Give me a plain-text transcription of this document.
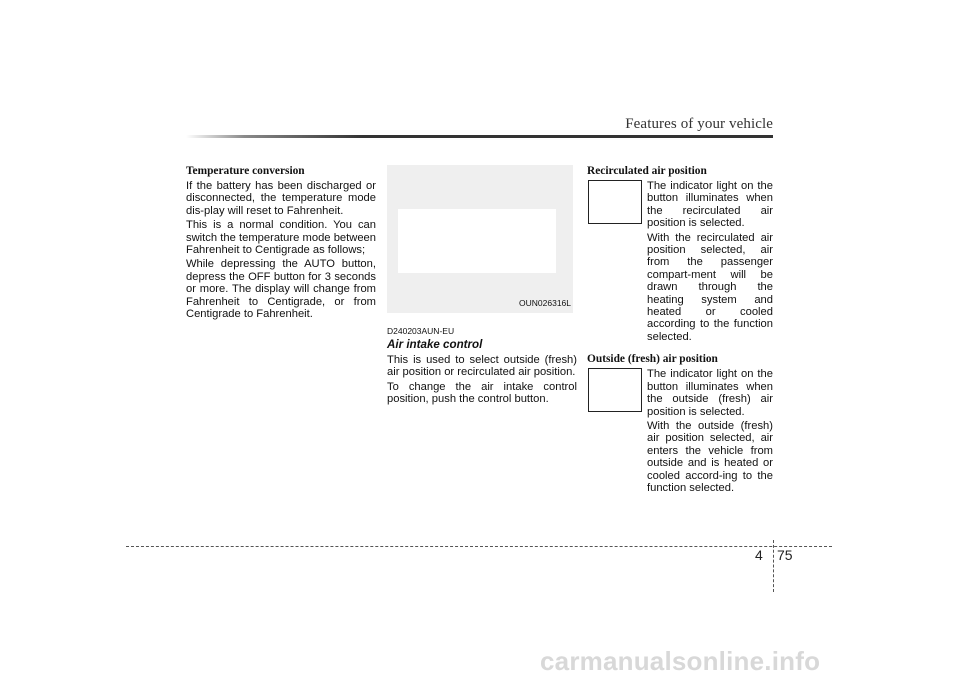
Features of your vehicle
Temperature conversion

If the battery has been discharged or disconnected, the temperature mode dis-play will reset to Fahrenheit.

This is a normal condition. You can switch the temperature mode between Fahrenheit to Centigrade as follows;

While depressing the AUTO button, depress the OFF button for 3 seconds or more. The display will change from Fahrenheit to Centigrade, or from Centigrade to Fahrenheit.

OUN026316L
D240203AUN-EU
Air intake control

This is used to select outside (fresh) air position or recirculated air position.

To change the air intake control position, push the control button.

Recirculated air position

The indicator light on the button illuminates when the recirculated air position is selected.

With the recirculated air position selected, air from the passenger compart-ment will be drawn through the heating system and heated or cooled according to the function selected.

Outside (fresh) air position

The indicator light on the button illuminates when the outside (fresh) air position is selected.

With the outside (fresh) air position selected, air enters the vehicle from outside and is heated or cooled accord-ing to the function selected.

4 75
carmanualsonline.info
